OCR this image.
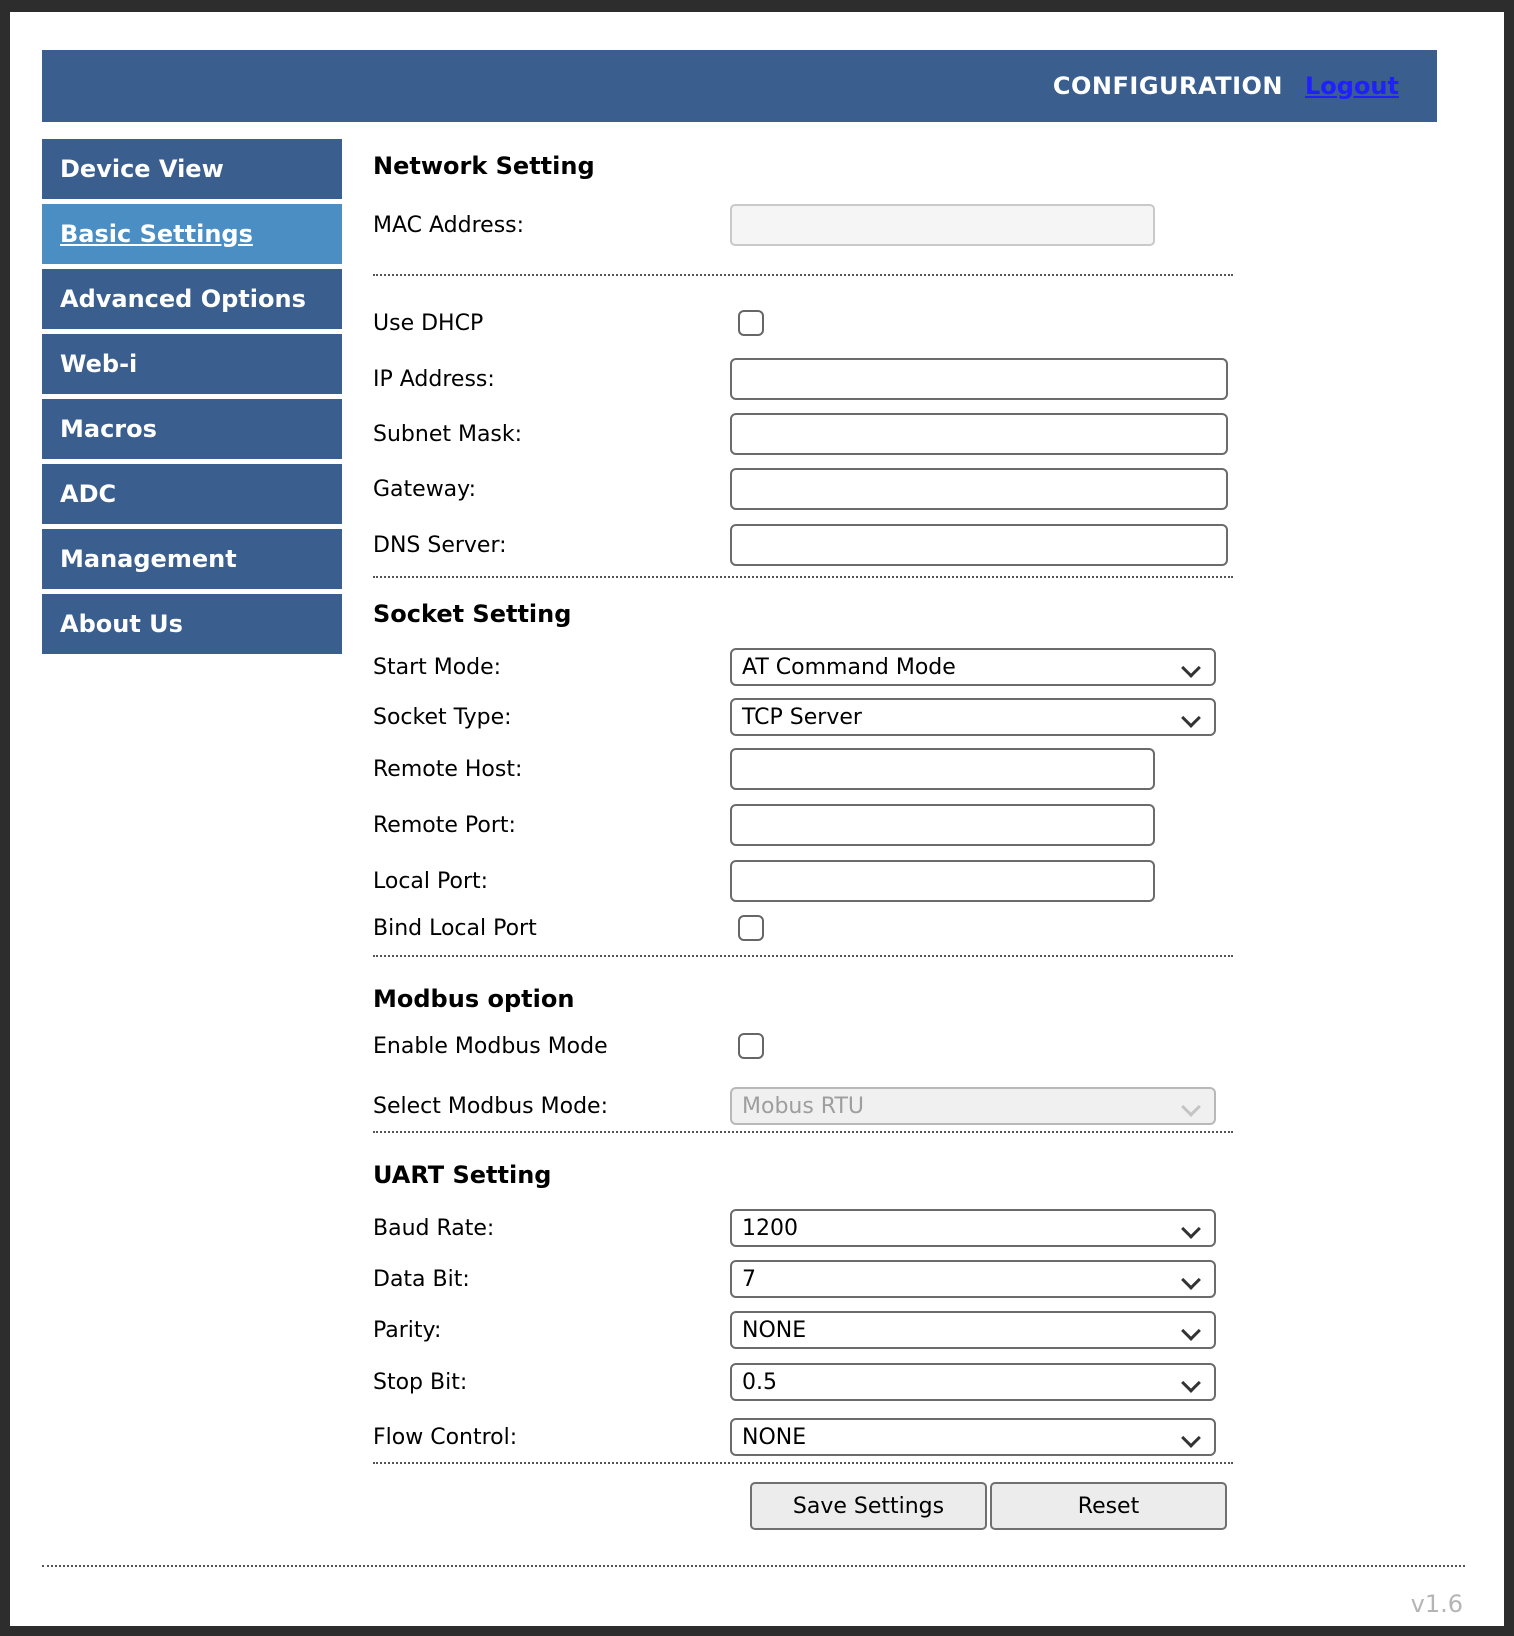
CONFIGURATION Logout
Device View
Basic Settings
Advanced Options
Web-i
Macros
ADC
Management
About Us
Network Setting
MAC Address:
Use DHCP
IP Address:
Subnet Mask:
Gateway:
DNS Server:
Socket Setting
Start Mode:	AT Command Mode
Socket Type:	TCP Server
Remote Host:
Remote Port:
Local Port:
Bind Local Port
Modbus option
Enable Modbus Mode
Select Modbus Mode:	Mobus RTU
UART Setting
Baud Rate:	1200
Data Bit:	7
Parity:	NONE
Stop Bit:	0.5
Flow Control:	NONE
Save Settings	Reset
v1.6
